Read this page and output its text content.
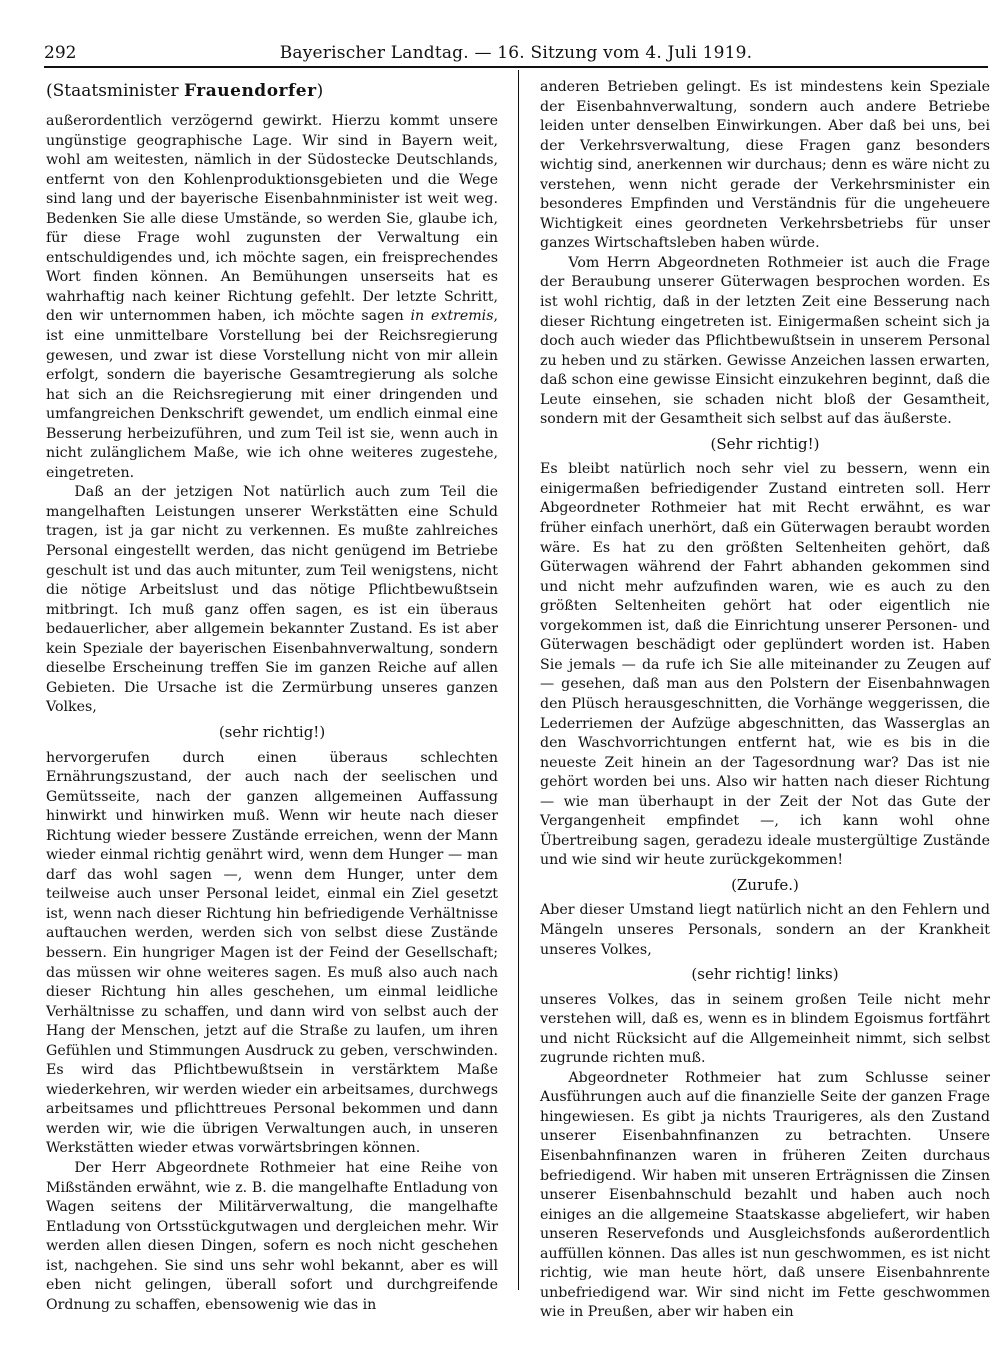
292	Bayerischer Landtag. — 16. Sitzung vom 4. Juli 1919.
(Staatsminister Frauendorfer)

außerordentlich verzögernd gewirkt. Hierzu kommt unsere ungünstige geographische Lage. Wir sind in Bayern weit, wohl am weitesten, nämlich in der Südostecke Deutschlands, entfernt von den Kohlenproduktionsgebieten und die Wege sind lang und der bayerische Eisenbahnminister ist weit weg. Bedenken Sie alle diese Umstände, so werden Sie, glaube ich, für diese Frage wohl zugunsten der Verwaltung ein entschuldigendes und, ich möchte sagen, ein freisprechendes Wort finden können. An Bemühungen unserseits hat es wahrhaftig nach keiner Richtung gefehlt. Der letzte Schritt, den wir unternommen haben, ich möchte sagen in extremis, ist eine unmittelbare Vorstellung bei der Reichsregierung gewesen, und zwar ist diese Vorstellung nicht von mir allein erfolgt, sondern die bayerische Gesamtregierung als solche hat sich an die Reichsregierung mit einer dringenden und umfangreichen Denkschrift gewendet, um endlich einmal eine Besserung herbeizuführen, und zum Teil ist sie, wenn auch in nicht zulänglichem Maße, wie ich ohne weiteres zugestehe, eingetreten.

Daß an der jetzigen Not natürlich auch zum Teil die mangelhaften Leistungen unserer Werkstätten eine Schuld tragen, ist ja gar nicht zu verkennen. Es mußte zahlreiches Personal eingestellt werden, das nicht genügend im Betriebe geschult ist und das auch mitunter, zum Teil wenigstens, nicht die nötige Arbeitslust und das nötige Pflichtbewußtsein mitbringt. Ich muß ganz offen sagen, es ist ein überaus bedauerlicher, aber allgemein bekannter Zustand. Es ist aber kein Speziale der bayerischen Eisenbahnverwaltung, sondern dieselbe Erscheinung treffen Sie im ganzen Reiche auf allen Gebieten. Die Ursache ist die Zermürbung unseres ganzen Volkes,

(sehr richtig!)

hervorgerufen durch einen überaus schlechten Ernährungszustand, der auch nach der seelischen und Gemütsseite, nach der ganzen allgemeinen Auffassung hinwirkt und hinwirken muß. Wenn wir heute nach dieser Richtung wieder bessere Zustände erreichen, wenn der Mann wieder einmal richtig genährt wird, wenn dem Hunger — man darf das wohl sagen —, wenn dem Hunger, unter dem teilweise auch unser Personal leidet, einmal ein Ziel gesetzt ist, wenn nach dieser Richtung hin befriedigende Verhältnisse auftauchen werden, werden sich von selbst diese Zustände bessern. Ein hungriger Magen ist der Feind der Gesellschaft; das müssen wir ohne weiteres sagen. Es muß also auch nach dieser Richtung hin alles geschehen, um einmal leidliche Verhältnisse zu schaffen, und dann wird von selbst auch der Hang der Menschen, jetzt auf die Straße zu laufen, um ihren Gefühlen und Stimmungen Ausdruck zu geben, verschwinden. Es wird das Pflichtbewußtsein in verstärktem Maße wiederkehren, wir werden wieder ein arbeitsames, durchwegs arbeitsames und pflichttreues Personal bekommen und dann werden wir, wie die übrigen Verwaltungen auch, in unseren Werkstätten wieder etwas vorwärtsbringen können.

Der Herr Abgeordnete Rothmeier hat eine Reihe von Mißständen erwähnt, wie z. B. die mangelhafte Entladung von Wagen seitens der Militärverwaltung, die mangelhafte Entladung von Ortsstückgutwagen und dergleichen mehr. Wir werden allen diesen Dingen, sofern es noch nicht geschehen ist, nachgehen. Sie sind uns sehr wohl bekannt, aber es will eben nicht gelingen, überall sofort und durchgreifende Ordnung zu schaffen, ebensowenig wie das in

anderen Betrieben gelingt. Es ist mindestens kein Speziale der Eisenbahnverwaltung, sondern auch andere Betriebe leiden unter denselben Einwirkungen. Aber daß bei uns, bei der Verkehrsverwaltung, diese Fragen ganz besonders wichtig sind, anerkennen wir durchaus; denn es wäre nicht zu verstehen, wenn nicht gerade der Verkehrsminister ein besonderes Empfinden und Verständnis für die ungeheuere Wichtigkeit eines geordneten Verkehrsbetriebs für unser ganzes Wirtschaftsleben haben würde.

Vom Herrn Abgeordneten Rothmeier ist auch die Frage der Beraubung unserer Güterwagen besprochen worden. Es ist wohl richtig, daß in der letzten Zeit eine Besserung nach dieser Richtung eingetreten ist. Einigermaßen scheint sich ja doch auch wieder das Pflichtbewußtsein in unserem Personal zu heben und zu stärken. Gewisse Anzeichen lassen erwarten, daß schon eine gewisse Einsicht einzukehren beginnt, daß die Leute einsehen, sie schaden nicht bloß der Gesamtheit, sondern mit der Gesamtheit sich selbst auf das äußerste.

(Sehr richtig!)

Es bleibt natürlich noch sehr viel zu bessern, wenn ein einigermaßen befriedigender Zustand eintreten soll. Herr Abgeordneter Rothmeier hat mit Recht erwähnt, es war früher einfach unerhört, daß ein Güterwagen beraubt worden wäre. Es hat zu den größten Seltenheiten gehört, daß Güterwagen während der Fahrt abhanden gekommen sind und nicht mehr aufzufinden waren, wie es auch zu den größten Seltenheiten gehört hat oder eigentlich nie vorgekommen ist, daß die Einrichtung unserer Personen- und Güterwagen beschädigt oder geplündert worden ist. Haben Sie jemals — da rufe ich Sie alle miteinander zu Zeugen auf — gesehen, daß man aus den Polstern der Eisenbahnwagen den Plüsch herausgeschnitten, die Vorhänge weggerissen, die Lederriemen der Aufzüge abgeschnitten, das Wasserglas an den Waschvorrichtungen entfernt hat, wie es bis in die neueste Zeit hinein an der Tagesordnung war? Das ist nie gehört worden bei uns. Also wir hatten nach dieser Richtung — wie man überhaupt in der Zeit der Not das Gute der Vergangenheit empfindet —, ich kann wohl ohne Übertreibung sagen, geradezu ideale mustergültige Zustände und wie sind wir heute zurückgekommen!

(Zurufe.)

Aber dieser Umstand liegt natürlich nicht an den Fehlern und Mängeln unseres Personals, sondern an der Krankheit unseres Volkes,

(sehr richtig! links)

unseres Volkes, das in seinem großen Teile nicht mehr verstehen will, daß es, wenn es in blindem Egoismus fortfährt und nicht Rücksicht auf die Allgemeinheit nimmt, sich selbst zugrunde richten muß.

Abgeordneter Rothmeier hat zum Schlusse seiner Ausführungen auch auf die finanzielle Seite der ganzen Frage hingewiesen. Es gibt ja nichts Traurigeres, als den Zustand unserer Eisenbahnfinanzen zu betrachten. Unsere Eisenbahnfinanzen waren in früheren Zeiten durchaus befriedigend. Wir haben mit unseren Erträgnissen die Zinsen unserer Eisenbahnschuld bezahlt und haben auch noch einiges an die allgemeine Staatskasse abgeliefert, wir haben unseren Reservefonds und Ausgleichsfonds außerordentlich auffüllen können. Das alles ist nun geschwommen, es ist nicht richtig, wie man heute hört, daß unsere Eisenbahnrente unbefriedigend war. Wir sind nicht im Fette geschwommen wie in Preußen, aber wir haben ein
